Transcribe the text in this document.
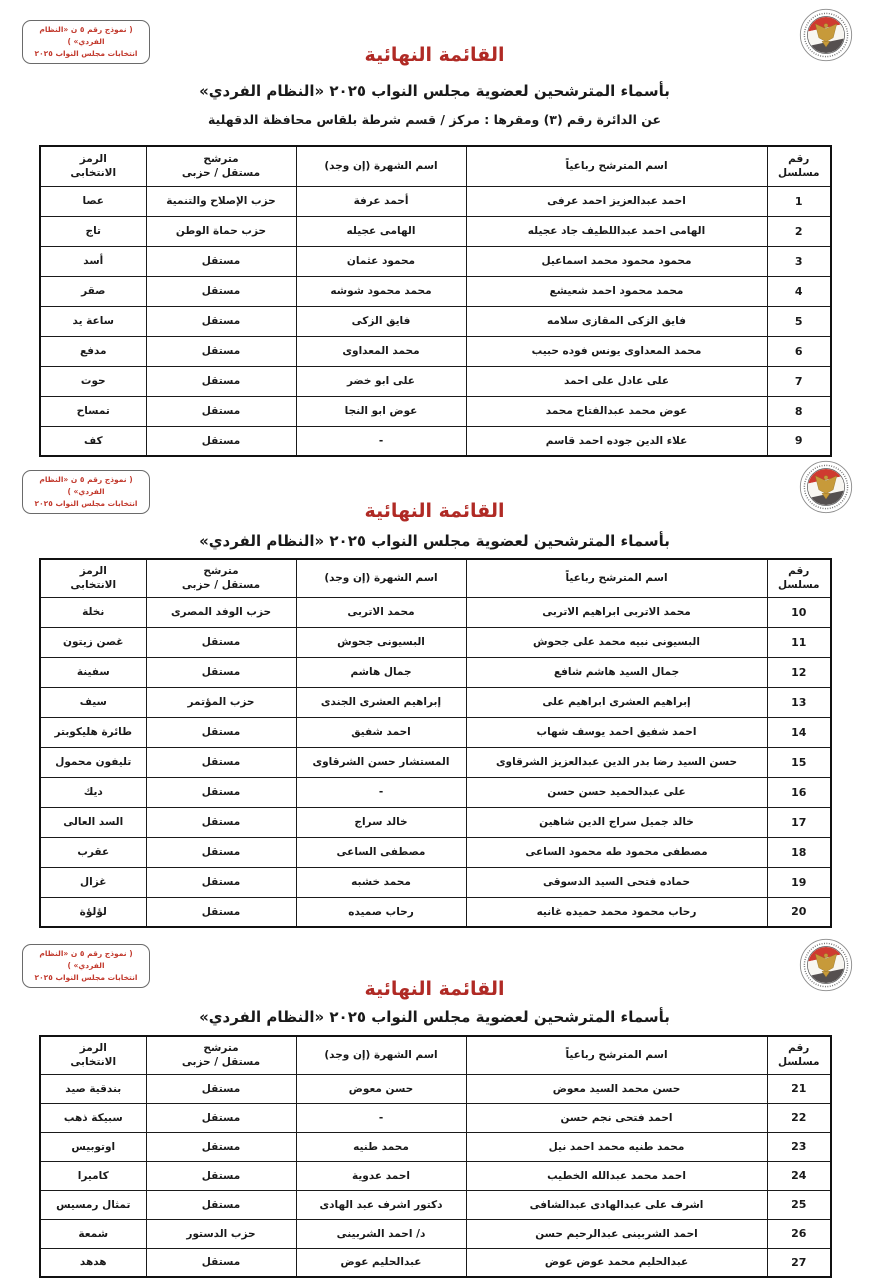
( نموذج رقم ٥ ن «النظام الفردي» )
انتخابات مجلس النواب ٢٠٢٥	القائمة النهائية
بأسماء المترشحين لعضوية مجلس النواب ٢٠٢٥ «النظام الفردي»
عن الدائرة رقم (٣) ومقرها : مركز / قسم شرطة بلقاس محافظة الدقهلية
رقم
مسلسل	اسم المترشح رباعياً	اسم الشهرة (إن وجد)	مترشح
مستقل / حزبى	الرمز
الانتخابى
1	احمد عبدالعزيز احمد عرفى	أحمد عرفة	حزب الإصلاح والتنمية	عصا
2	الهامى احمد عبداللطيف جاد عجيله	الهامى عجيله	حزب حماة الوطن	تاج
3	محمود محمود محمد اسماعيل	محمود عثمان	مستقل	أسد
4	محمد محمود احمد شعيشع	محمد محمود شوشه	مستقل	صقر
5	فايق الزكى المقازى سلامه	فايق الزكى	مستقل	ساعة يد
6	محمد المعداوى يونس فوده حبيب	محمد المعداوى	مستقل	مدفع
7	على عادل على احمد	على ابو خضر	مستقل	حوت
8	عوض محمد عبدالفتاح محمد	عوض ابو النجا	مستقل	تمساح
9	علاء الدين جوده احمد قاسم	-	مستقل	كف
( نموذج رقم ٥ ن «النظام الفردي» )
انتخابات مجلس النواب ٢٠٢٥	القائمة النهائية
بأسماء المترشحين لعضوية مجلس النواب ٢٠٢٥ «النظام الفردي»
رقم
مسلسل	اسم المترشح رباعياً	اسم الشهرة (إن وجد)	مترشح
مستقل / حزبى	الرمز
الانتخابى
10	محمد الاتربى ابراهيم الاتربى	محمد الاتربى	حزب الوفد المصرى	نخلة
11	البسيونى نبيه محمد على جحوش	البسيونى جحوش	مستقل	غصن زيتون
12	جمال السيد هاشم شافع	جمال هاشم	مستقل	سفينة
13	إبراهيم العشرى ابراهيم على	إبراهيم العشرى الجندى	حزب المؤتمر	سيف
14	احمد شفيق احمد يوسف شهاب	احمد شفيق	مستقل	طائرة هليكوبتر
15	حسن السيد رضا بدر الدين عبدالعزيز الشرقاوى	المستشار حسن الشرقاوى	مستقل	تليفون محمول
16	على عبدالحميد حسن حسن	-	مستقل	ديك
17	خالد جميل سراج الدين شاهين	خالد سراج	مستقل	السد العالى
18	مصطفى محمود طه محمود الساعى	مصطفى الساعى	مستقل	عقرب
19	حماده فتحى السيد الدسوقى	محمد خشبه	مستقل	غزال
20	رحاب محمود محمد حميده غانيه	رحاب صميده	مستقل	لؤلؤة
( نموذج رقم ٥ ن «النظام الفردي» )
انتخابات مجلس النواب ٢٠٢٥
القائمة النهائية
بأسماء المترشحين لعضوية مجلس النواب ٢٠٢٥ «النظام الفردي»
رقم
مسلسل	اسم المترشح رباعياً	اسم الشهرة (إن وجد)	مترشح
مستقل / حزبى	الرمز
الانتخابى
21	حسن محمد السيد معوض	حسن معوض	مستقل	بندقية صيد
22	احمد فتحى نجم حسن	-	مستقل	سبيكة ذهب
23	محمد طنيه محمد احمد نيل	محمد طنيه	مستقل	اوتوبيس
24	احمد محمد عبدالله الخطيب	احمد عدوية	مستقل	كاميرا
25	اشرف على عبدالهادى عبدالشافى	دكتور اشرف عبد الهادى	مستقل	تمثال رمسيس
26	احمد الشربينى عبدالرحيم حسن	د/ احمد الشربينى	حزب الدستور	شمعة
27	عبدالحليم محمد عوض عوض	عبدالحليم عوض	مستقل	هدهد
